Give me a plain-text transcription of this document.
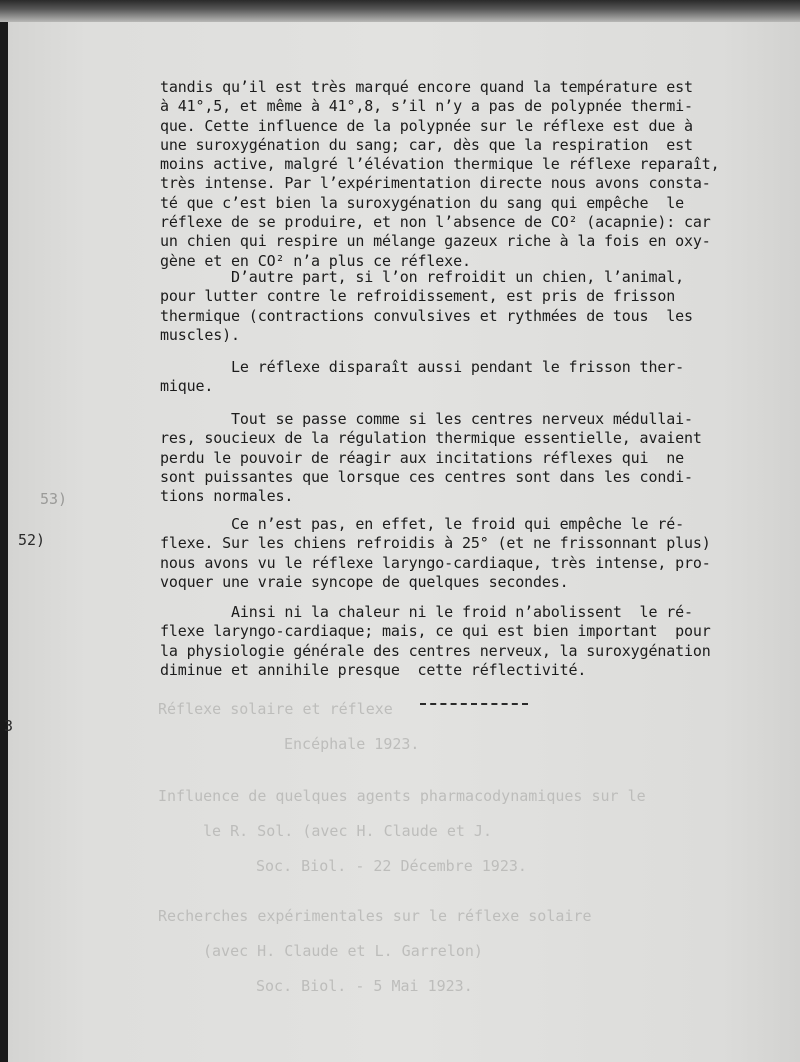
Réflexe solaire et réflexe
Encéphale 1923.
Influence de quelques agents pharmacodynamiques sur le
le R. Sol. (avec H. Claude et J.
Soc. Biol. - 22 Décembre 1923.
Recherches expérimentales sur le réflexe solaire
(avec H. Claude et L. Garrelon)
Soc. Biol. - 5 Mai 1923.
53)
52)
3
tandis qu’il est très marqué encore quand la température est
à 41°,5, et même à 41°,8, s’il n’y a pas de polypnée thermi-
que. Cette influence de la polypnée sur le réflexe est due à
une suroxygénation du sang; car, dès que la respiration  est
moins active, malgré l’élévation thermique le réflexe reparaît,
très intense. Par l’expérimentation directe nous avons consta-
té que c’est bien la suroxygénation du sang qui empêche  le
réflexe de se produire, et non l’absence de CO² (acapnie): car
un chien qui respire un mélange gazeux riche à la fois en oxy-
gène et en CO² n’a plus ce réflexe.
D’autre part, si l’on refroidit un chien, l’animal,
pour lutter contre le refroidissement, est pris de frisson
thermique (contractions convulsives et rythmées de tous  les
muscles).
Le réflexe disparaît aussi pendant le frisson ther-
mique.
Tout se passe comme si les centres nerveux médullai-
res, soucieux de la régulation thermique essentielle, avaient
perdu le pouvoir de réagir aux incitations réflexes qui  ne
sont puissantes que lorsque ces centres sont dans les condi-
tions normales.
Ce n’est pas, en effet, le froid qui empêche le ré-
flexe. Sur les chiens refroidis à 25° (et ne frissonnant plus)
nous avons vu le réflexe laryngo-cardiaque, très intense, pro-
voquer une vraie syncope de quelques secondes.
Ainsi ni la chaleur ni le froid n’abolissent  le ré-
flexe laryngo-cardiaque; mais, ce qui est bien important  pour
la physiologie générale des centres nerveux, la suroxygénation
diminue et annihile presque  cette réflectivité.
